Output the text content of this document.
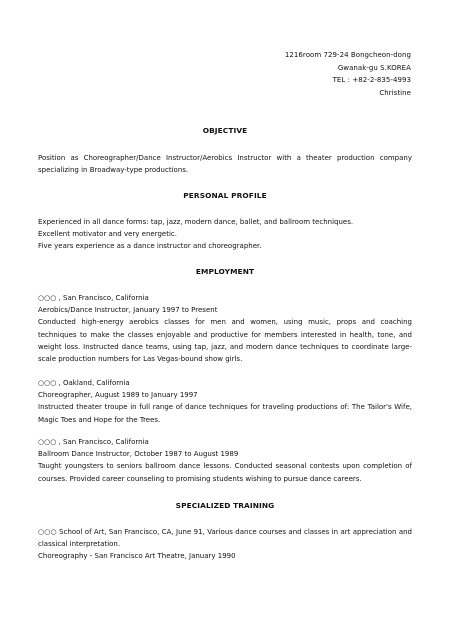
1216room 729-24 Bongcheon-dong
Gwanak-gu S.KOREA
TEL : +82-2-835-4993
Christine
OBJECTIVE

Position as Choreographer/Dance Instructor/Aerobics Instructor with a theater production company specializing in Broadway-type productions.

PERSONAL PROFILE

Experienced in all dance forms: tap, jazz, modern dance, ballet, and ballroom techniques.

Excellent motivator and very energetic.

Five years experience as a dance instructor and choreographer.

EMPLOYMENT

○○○ , San Francisco, California

Aerobics/Dance Instructor, January 1997 to Present

Conducted high-energy aerobics classes for men and women, using music, props and coaching techniques to make the classes enjoyable and productive for members interested in health, tone, and weight loss. Instructed dance teams, using tap, jazz, and modern dance techniques to coordinate large-scale production numbers for Las Vegas-bound show girls.

○○○ , Oakland, California

Choreographer, August 1989 to January 1997

Instructed theater troupe in full range of dance techniques for traveling productions of: The Tailor's Wife, Magic Toes and Hope for the Trees.

○○○ , San Francisco, California

Ballroom Dance Instructor, October 1987 to August 1989

Taught youngsters to seniors ballroom dance lessons. Conducted seasonal contests upon completion of courses. Provided career counseling to promising students wishing to pursue dance careers.

SPECIALIZED TRAINING

○○○ School of Art, San Francisco, CA, June 91, Various dance courses and classes in art appreciation and classical interpretation.

Choreography - San Francisco Art Theatre, January 1990
